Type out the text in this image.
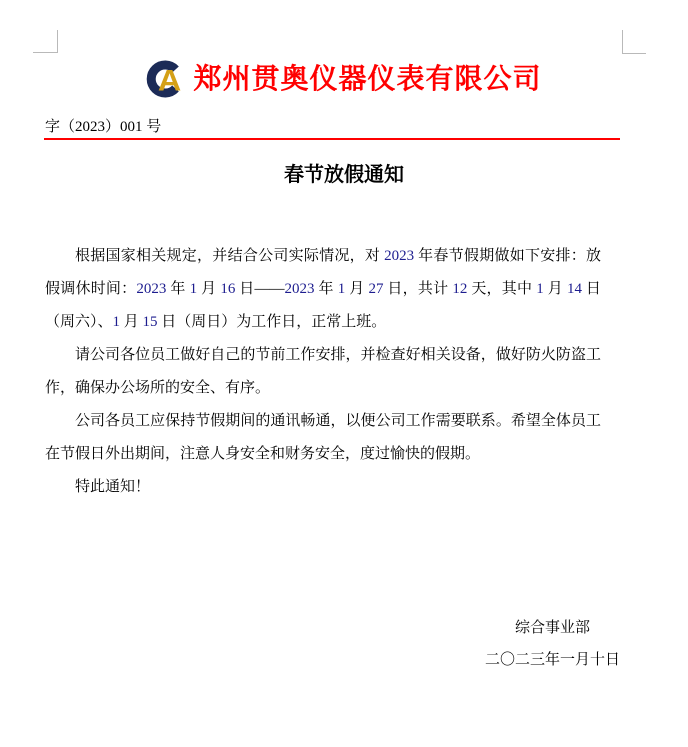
A 郑州贯奥仪器仪表有限公司
字（2023）001 号
春节放假通知

根据国家相关规定，并结合公司实际情况，对 2023 年春节假期做如下安排：放假调休时间：2023 年 1 月 16 日——2023 年 1 月 27 日，共计 12 天，其中 1 月 14 日（周六）、1 月 15 日（周日）为工作日，正常上班。

请公司各位员工做好自己的节前工作安排，并检查好相关设备，做好防火防盗工作，确保办公场所的安全、有序。

公司各员工应保持节假期间的通讯畅通，以便公司工作需要联系。希望全体员工在节假日外出期间，注意人身安全和财务安全，度过愉快的假期。

特此通知！

综合事业部
二〇二三年一月十日
